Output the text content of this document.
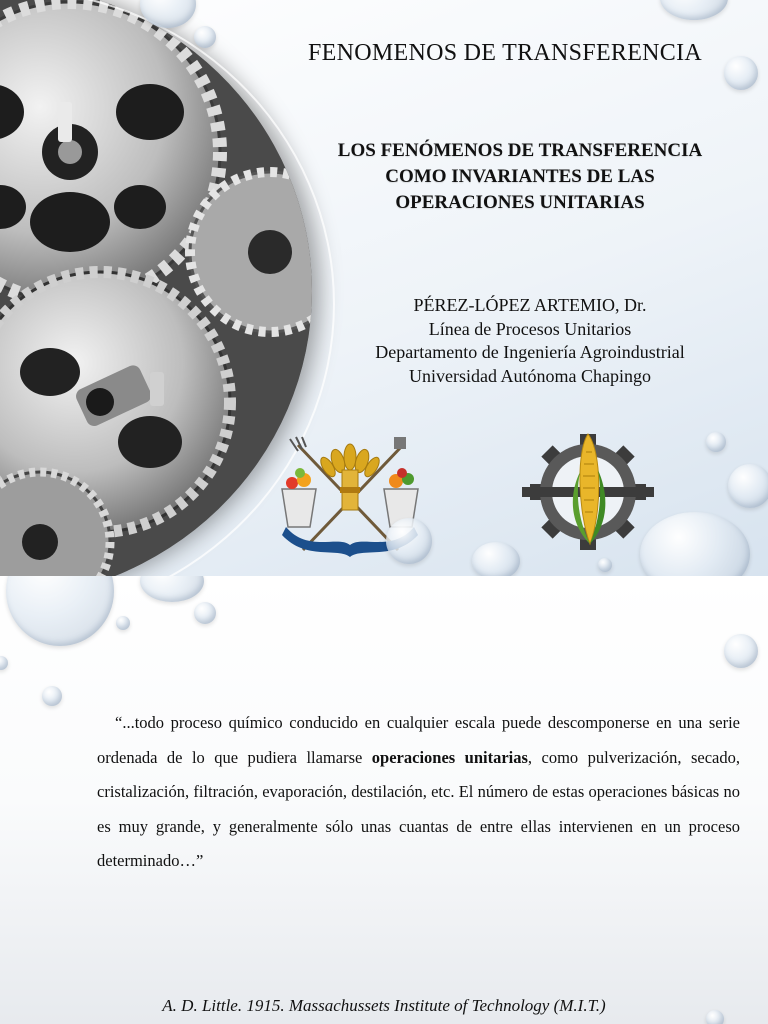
FENOMENOS DE TRANSFERENCIA
LOS FENÓMENOS DE TRANSFERENCIA
COMO INVARIANTES DE LAS
OPERACIONES UNITARIAS
PÉREZ-LÓPEZ ARTEMIO, Dr.
Línea de Procesos Unitarios
Departamento de Ingeniería Agroindustrial
Universidad Autónoma Chapingo

“...todo proceso químico conducido en cualquier escala puede descomponerse en una serie ordenada de lo que pudiera llamarse operaciones unitarias, como pulverización, secado, cristalización, filtración, evaporación, destilación, etc. El número de estas operaciones básicas no es muy grande, y generalmente sólo unas cuantas de entre ellas intervienen en un proceso determinado…”

A. D. Little. 1915. Massachussets Institute of Technology (M.I.T.)
